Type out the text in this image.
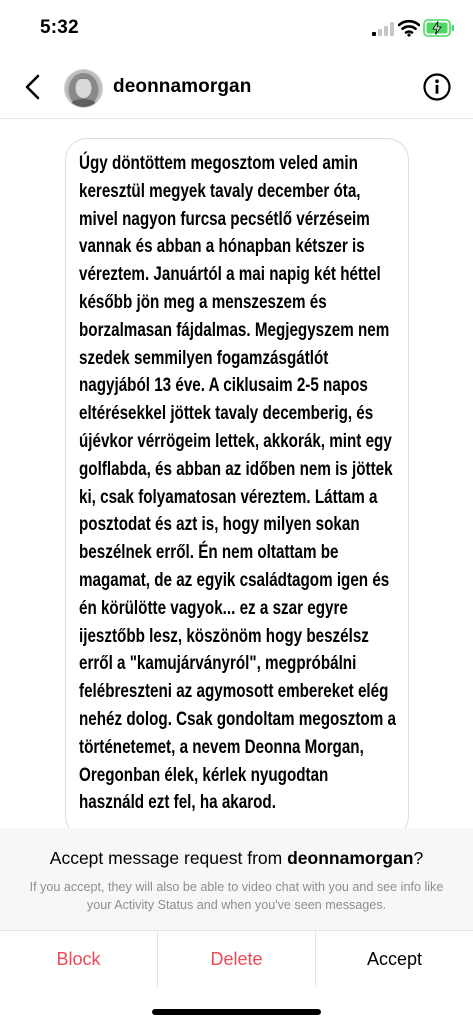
5:32
deonnamorgan

Úgy döntöttem megosztom veled amin keresztül megyek tavaly december óta, mivel nagyon furcsa pecsétlő vérzéseim vannak és abban a hónapban kétszer is véreztem. Januártól a mai napig két héttel később jön meg a menszeszem és borzalmasan fájdalmas. Megjegyszem nem szedek semmilyen fogamzásgátlót nagyjából 13 éve. A ciklusaim 2-5 napos eltérésekkel jöttek tavaly decemberig, és újévkor vérrögeim lettek, akkorák, mint egy golflabda, és abban az időben nem is jöttek ki, csak folyamatosan véreztem. Láttam a posztodat és azt is, hogy milyen sokan beszélnek erről. Én nem oltattam be magamat, de az egyik családtagom igen és én körülötte vagyok... ez a szar egyre ijesztőbb lesz, köszönöm hogy beszélsz erről a "kamujárványról", megpróbálni felébreszteni az agymosott embereket elég nehéz dolog. Csak gondoltam megosztom a történetemet, a nevem Deonna Morgan, Oregonban élek, kérlek nyugodtan használd ezt fel, ha akarod.

Accept message request from deonnamorgan?
If you accept, they will also be able to video chat with you and see info like your Activity Status and when you've seen messages.
Block	Delete	Accept
